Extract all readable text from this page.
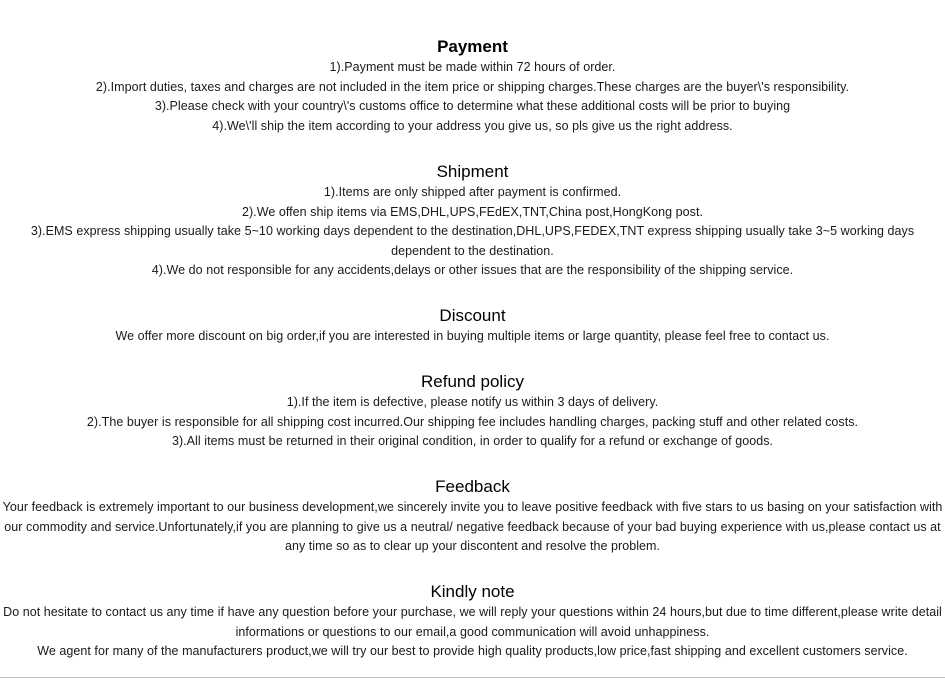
Payment

1).Payment must be made within 72 hours of order.

2).Import duties, taxes and charges are not included in the item price or shipping charges.These charges are the buyer\'s responsibility.

3).Please check with your country\'s customs office to determine what these additional costs will be prior to buying

4).We\'ll ship the item according to your address you give us, so pls give us the right address.

Shipment

1).Items are only shipped after payment is confirmed.

2).We offen ship items via EMS,DHL,UPS,FEdEX,TNT,China post,HongKong post.

3).EMS express shipping usually take 5~10 working days dependent to the destination,DHL,UPS,FEDEX,TNT express shipping usually take 3~5 working days dependent to the destination.

4).We do not responsible for any accidents,delays or other issues that are the responsibility of the shipping service.

Discount

We offer more discount on big order,if you are interested in buying multiple items or large quantity, please feel free to contact us.

Refund policy

1).If the item is defective, please notify us within 3 days of delivery.

2).The buyer is responsible for all shipping cost incurred.Our shipping fee includes handling charges, packing stuff and other related costs.

3).All items must be returned in their original condition, in order to qualify for a refund or exchange of goods.

Feedback

Your feedback is extremely important to our business development,we sincerely invite you to leave positive feedback with five stars to us basing on your satisfaction with our commodity and service.Unfortunately,if you are planning to give us a neutral/ negative feedback because of your bad buying experience with us,please contact us at any time so as to clear up your discontent and resolve the problem.

Kindly note

Do not hesitate to contact us any time if have any question before your purchase, we will reply your questions within 24 hours,but due to time different,please write detail informations or questions to our email,a good communication will avoid unhappiness.

We agent for many of the manufacturers product,we will try our best to provide high quality products,low price,fast shipping and excellent customers service.
